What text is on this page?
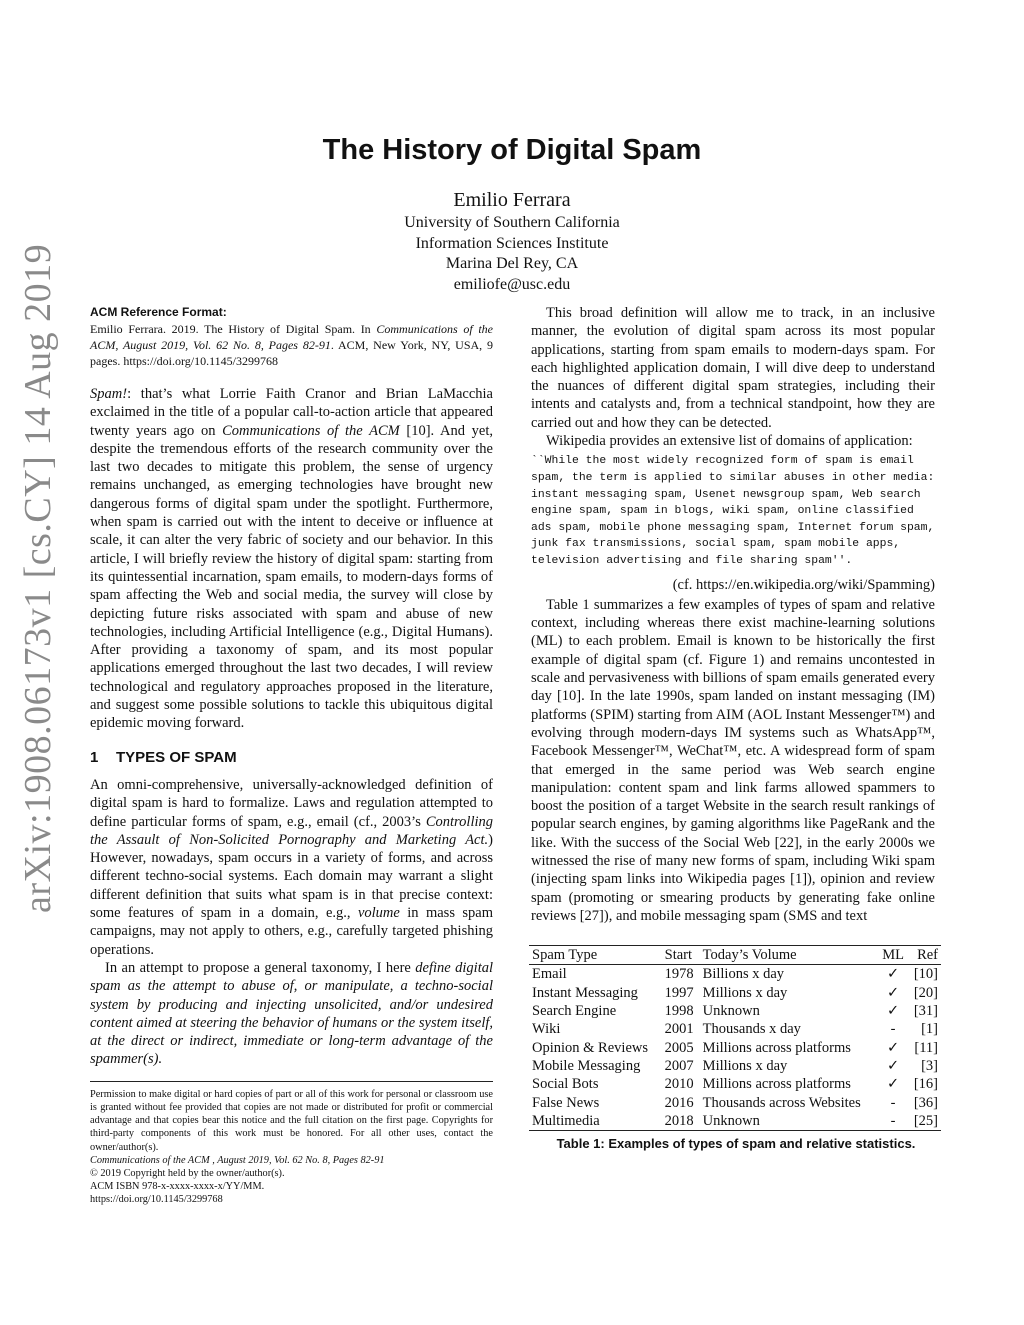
arXiv:1908.06173v1 [cs.CY] 14 Aug 2019
The History of Digital Spam
Emilio Ferrara
University of Southern California
Information Sciences Institute
Marina Del Rey, CA
emiliofe@usc.edu
ACM Reference Format:
Emilio Ferrara. 2019. The History of Digital Spam. In Communications of the ACM, August 2019, Vol. 62 No. 8, Pages 82-91. ACM, New York, NY, USA, 9 pages. https://doi.org/10.1145/3299768

Spam!: that’s what Lorrie Faith Cranor and Brian LaMacchia exclaimed in the title of a popular call-to-action article that appeared twenty years ago on Communications of the ACM [10]. And yet, despite the tremendous efforts of the research community over the last two decades to mitigate this problem, the sense of urgency remains unchanged, as emerging technologies have brought new dangerous forms of digital spam under the spotlight. Furthermore, when spam is carried out with the intent to deceive or influence at scale, it can alter the very fabric of society and our behavior. In this article, I will briefly review the history of digital spam: starting from its quintessential incarnation, spam emails, to modern-days forms of spam affecting the Web and social media, the survey will close by depicting future risks associated with spam and abuse of new technologies, including Artificial Intelligence (e.g., Digital Humans). After providing a taxonomy of spam, and its most popular applications emerged throughout the last two decades, I will review technological and regulatory approaches proposed in the literature, and suggest some possible solutions to tackle this ubiquitous digital epidemic moving forward.

1 TYPES OF SPAM

An omni-comprehensive, universally-acknowledged definition of digital spam is hard to formalize. Laws and regulation attempted to define particular forms of spam, e.g., email (cf., 2003’s Controlling the Assault of Non-Solicited Pornography and Marketing Act.) However, nowadays, spam occurs in a variety of forms, and across different techno-social systems. Each domain may warrant a slight different definition that suits what spam is in that precise context: some features of spam in a domain, e.g., volume in mass spam campaigns, may not apply to others, e.g., carefully targeted phishing operations.

In an attempt to propose a general taxonomy, I here define digital spam as the attempt to abuse of, or manipulate, a techno-social system by producing and injecting unsolicited, and/or undesired content aimed at steering the behavior of humans or the system itself, at the direct or indirect, immediate or long-term advantage of the spammer(s).

Permission to make digital or hard copies of part or all of this work for personal or classroom use is granted without fee provided that copies are not made or distributed for profit or commercial advantage and that copies bear this notice and the full citation on the first page. Copyrights for third-party components of this work must be honored. For all other uses, contact the owner/author(s).

Communications of the ACM , August 2019, Vol. 62 No. 8, Pages 82-91

© 2019 Copyright held by the owner/author(s).

ACM ISBN 978-x-xxxx-xxxx-x/YY/MM.

https://doi.org/10.1145/3299768

This broad definition will allow me to track, in an inclusive manner, the evolution of digital spam across its most popular applications, starting from spam emails to modern-days spam. For each highlighted application domain, I will dive deep to understand the nuances of different digital spam strategies, including their intents and catalysts and, from a technical standpoint, how they are carried out and how they can be detected.

Wikipedia provides an extensive list of domains of application:

``While the most widely recognized form of spam is email spam, the term is applied to similar abuses in other media: instant messaging spam, Usenet newsgroup spam, Web search engine spam, spam in blogs, wiki spam, online classified ads spam, mobile phone messaging spam, Internet forum spam, junk fax transmissions, social spam, spam mobile apps, television advertising and file sharing spam''.
(cf. https://en.wikipedia.org/wiki/Spamming)

Table 1 summarizes a few examples of types of spam and relative context, including whereas there exist machine-learning solutions (ML) to each problem. Email is known to be historically the first example of digital spam (cf. Figure 1) and remains uncontested in scale and pervasiveness with billions of spam emails generated every day [10]. In the late 1990s, spam landed on instant messaging (IM) platforms (SPIM) starting from AIM (AOL Instant Messenger™) and evolving through modern-days IM systems such as WhatsApp™, Facebook Messenger™, WeChat™, etc. A widespread form of spam that emerged in the same period was Web search engine manipulation: content spam and link farms allowed spammers to boost the position of a target Website in the search result rankings of popular search engines, by gaming algorithms like PageRank and the like. With the success of the Social Web [22], in the early 2000s we witnessed the rise of many new forms of spam, including Wiki spam (injecting spam links into Wikipedia pages [1]), opinion and review spam (promoting or smearing products by generating fake online reviews [27]), and mobile messaging spam (SMS and text

Spam Type	Start	Today’s Volume	ML	Ref
Email	1978	Billions x day	✓	[10]
Instant Messaging	1997	Millions x day	✓	[20]
Search Engine	1998	Unknown	✓	[31]
Wiki	2001	Thousands x day	-	[1]
Opinion & Reviews	2005	Millions across platforms	✓	[11]
Mobile Messaging	2007	Millions x day	✓	[3]
Social Bots	2010	Millions across platforms	✓	[16]
False News	2016	Thousands across Websites	-	[36]
Multimedia	2018	Unknown	-	[25]
Table 1: Examples of types of spam and relative statistics.
